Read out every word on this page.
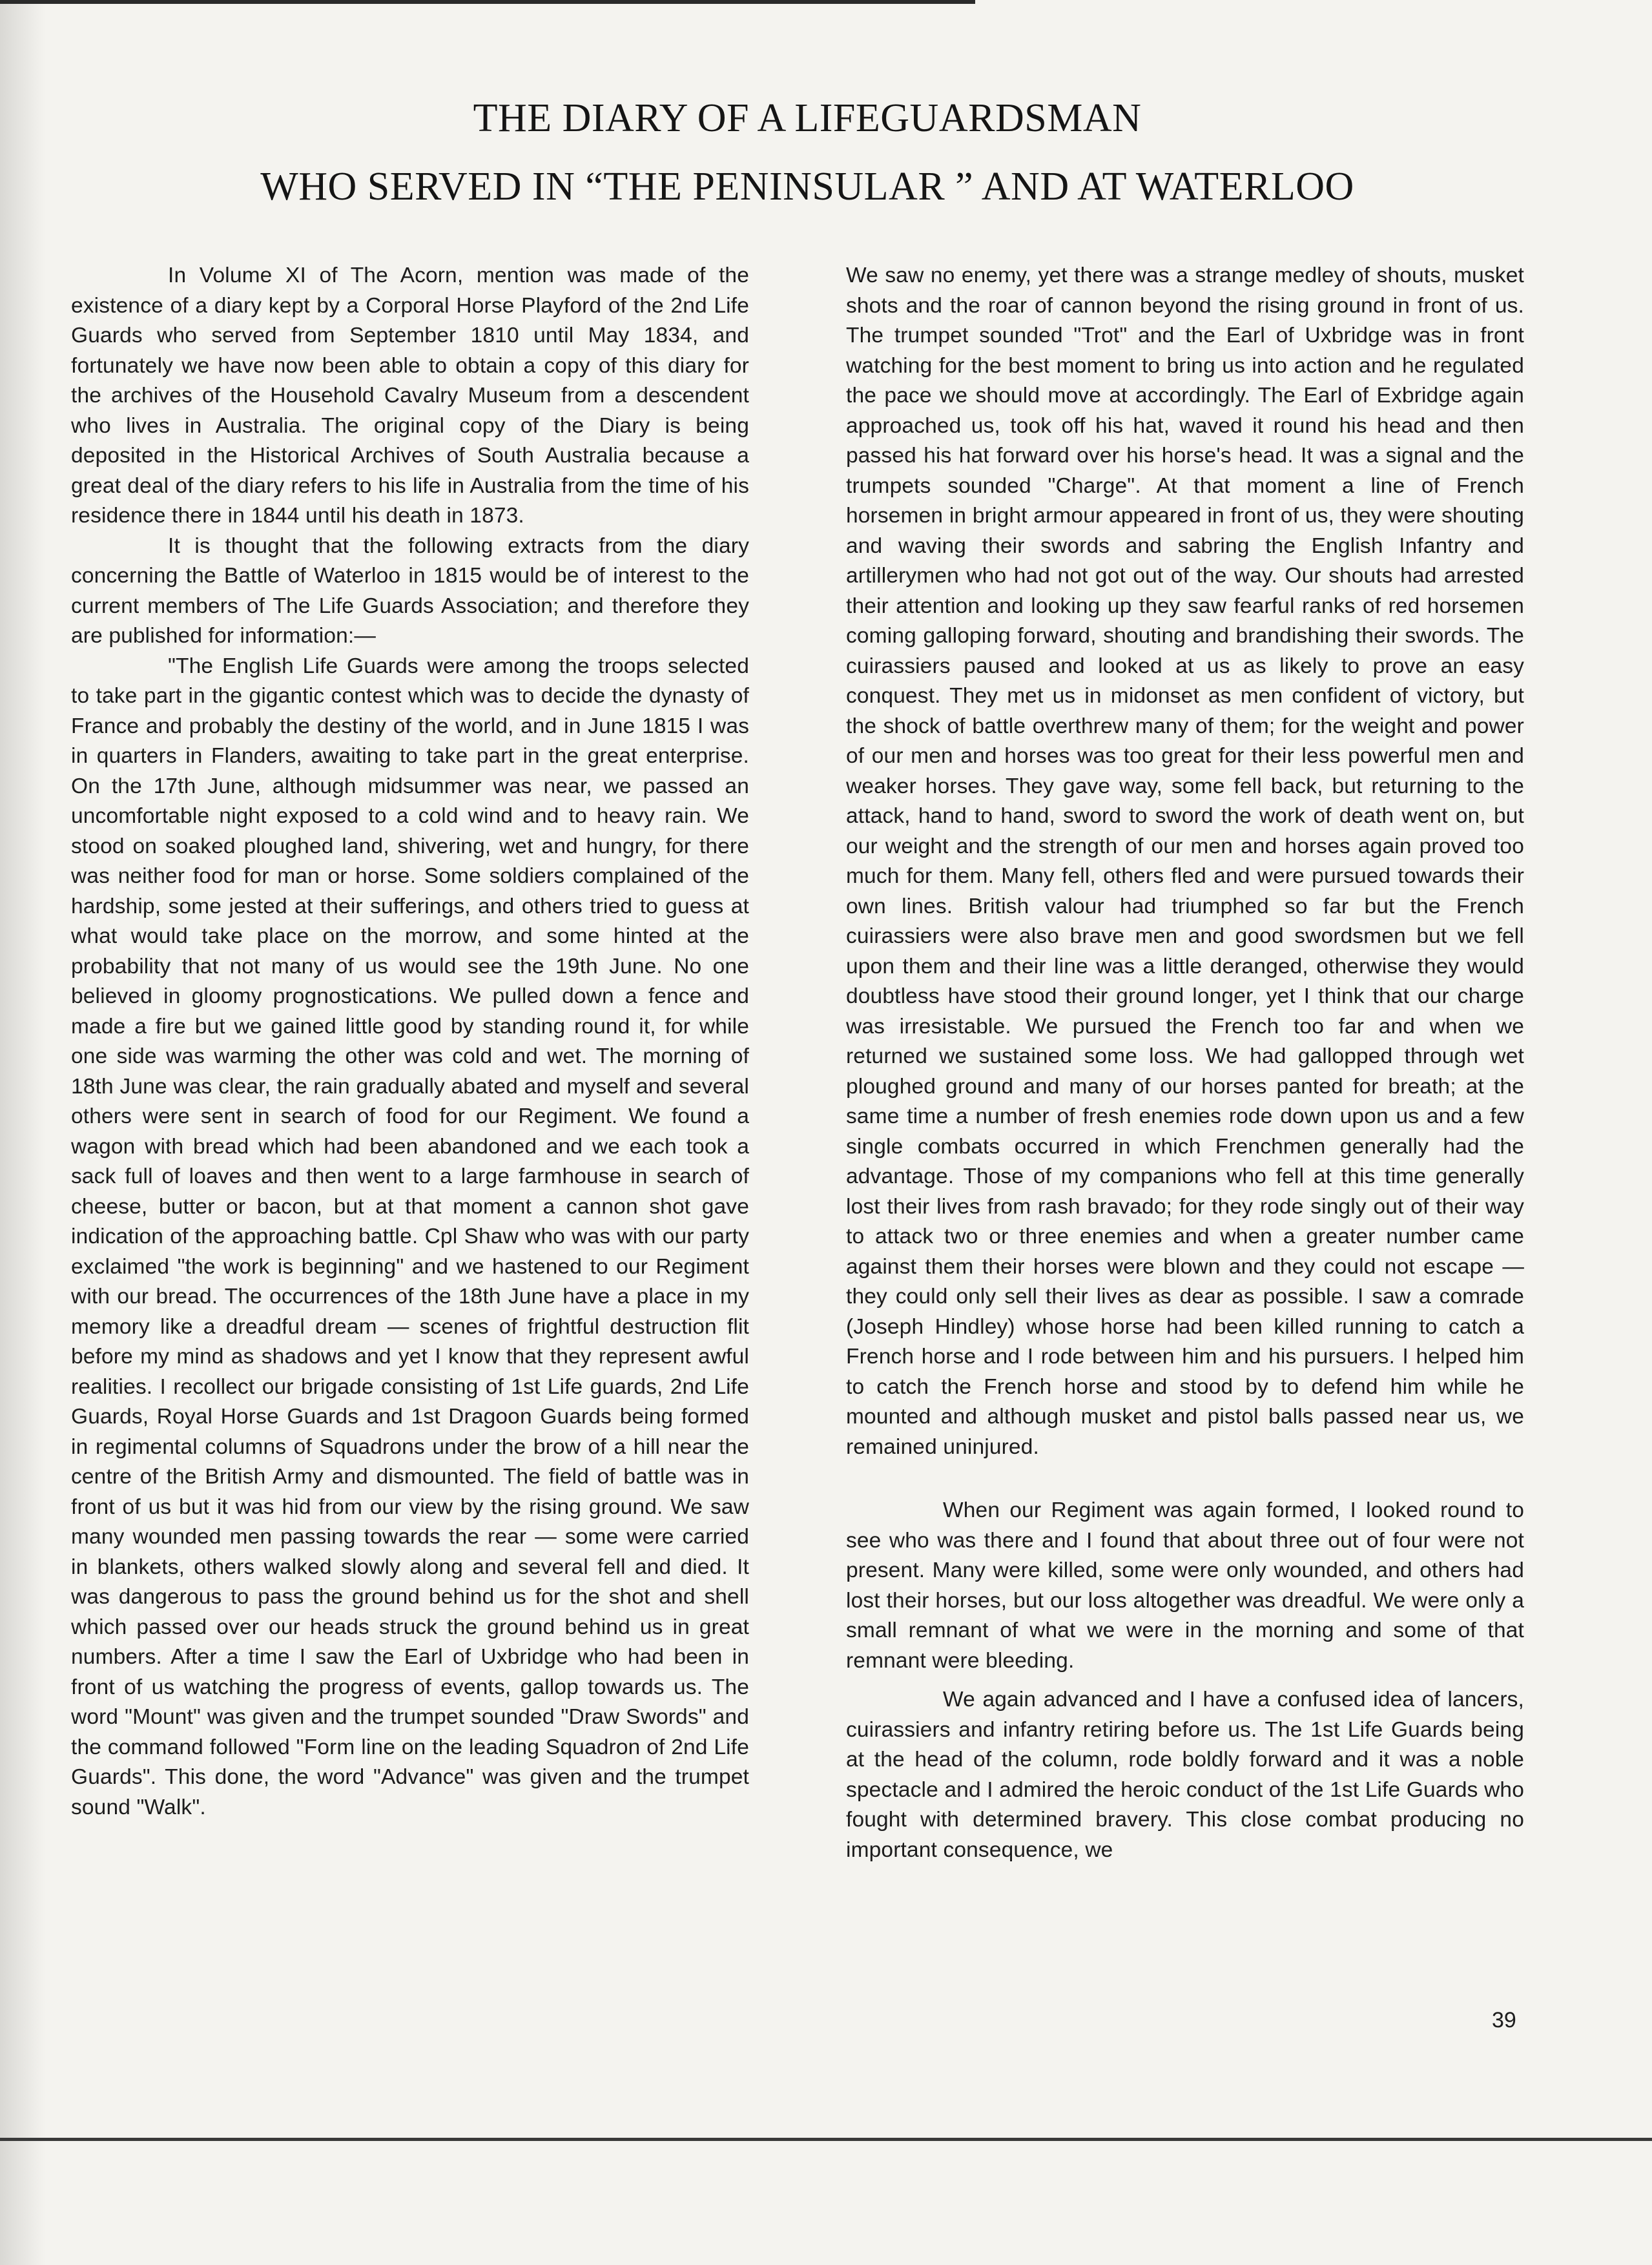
THE DIARY OF A LIFEGUARDSMAN
WHO SERVED IN “THE PENINSULAR ” AND AT WATERLOO

In Volume XI of The Acorn, mention was made of the existence of a diary kept by a Corporal Horse Playford of the 2nd Life Guards who served from September 1810 until May 1834, and fortunately we have now been able to obtain a copy of this diary for the archives of the Household Cavalry Museum from a descendent who lives in Australia. The original copy of the Diary is being deposited in the Historical Archives of South Australia because a great deal of the diary refers to his life in Australia from the time of his residence there in 1844 until his death in 1873.

It is thought that the following extracts from the diary concerning the Battle of Waterloo in 1815 would be of interest to the current members of The Life Guards Association; and therefore they are published for information:—

"The English Life Guards were among the troops selected to take part in the gigantic contest which was to decide the dynasty of France and probably the destiny of the world, and in June 1815 I was in quarters in Flanders, awaiting to take part in the great enterprise. On the 17th June, although midsummer was near, we passed an uncomfortable night exposed to a cold wind and to heavy rain. We stood on soaked ploughed land, shivering, wet and hungry, for there was neither food for man or horse. Some soldiers complained of the hardship, some jested at their sufferings, and others tried to guess at what would take place on the morrow, and some hinted at the probability that not many of us would see the 19th June. No one believed in gloomy prognostications. We pulled down a fence and made a fire but we gained little good by standing round it, for while one side was warming the other was cold and wet. The morning of 18th June was clear, the rain gradually abated and myself and several others were sent in search of food for our Regiment. We found a wagon with bread which had been abandoned and we each took a sack full of loaves and then went to a large farmhouse in search of cheese, butter or bacon, but at that moment a cannon shot gave indication of the approaching battle. Cpl Shaw who was with our party exclaimed "the work is beginning" and we hastened to our Regiment with our bread. The occurrences of the 18th June have a place in my memory like a dreadful dream — scenes of frightful destruction flit before my mind as shadows and yet I know that they represent awful realities. I recollect our brigade consisting of 1st Life guards, 2nd Life Guards, Royal Horse Guards and 1st Dragoon Guards being formed in regimental columns of Squadrons under the brow of a hill near the centre of the British Army and dismounted. The field of battle was in front of us but it was hid from our view by the rising ground. We saw many wounded men passing towards the rear — some were carried in blankets, others walked slowly along and several fell and died. It was dangerous to pass the ground behind us for the shot and shell which passed over our heads struck the ground behind us in great numbers. After a time I saw the Earl of Uxbridge who had been in front of us watching the progress of events, gallop towards us. The word "Mount" was given and the trumpet sounded "Draw Swords" and the command followed "Form line on the leading Squadron of 2nd Life Guards". This done, the word "Advance" was given and the trumpet sound "Walk".

We saw no enemy, yet there was a strange medley of shouts, musket shots and the roar of cannon beyond the rising ground in front of us. The trumpet sounded "Trot" and the Earl of Uxbridge was in front watching for the best moment to bring us into action and he regulated the pace we should move at accordingly. The Earl of Exbridge again approached us, took off his hat, waved it round his head and then passed his hat forward over his horse's head. It was a signal and the trumpets sounded "Charge". At that moment a line of French horsemen in bright armour appeared in front of us, they were shouting and waving their swords and sabring the English Infantry and artillerymen who had not got out of the way. Our shouts had arrested their attention and looking up they saw fearful ranks of red horsemen coming galloping forward, shouting and brandishing their swords. The cuirassiers paused and looked at us as likely to prove an easy conquest. They met us in midonset as men confident of victory, but the shock of battle overthrew many of them; for the weight and power of our men and horses was too great for their less powerful men and weaker horses. They gave way, some fell back, but returning to the attack, hand to hand, sword to sword the work of death went on, but our weight and the strength of our men and horses again proved too much for them. Many fell, others fled and were pursued towards their own lines. British valour had triumphed so far but the French cuirassiers were also brave men and good swordsmen but we fell upon them and their line was a little deranged, otherwise they would doubtless have stood their ground longer, yet I think that our charge was irresistable. We pursued the French too far and when we returned we sustained some loss. We had gallopped through wet ploughed ground and many of our horses panted for breath; at the same time a number of fresh enemies rode down upon us and a few single combats occurred in which Frenchmen generally had the advantage. Those of my companions who fell at this time generally lost their lives from rash bravado; for they rode singly out of their way to attack two or three enemies and when a greater number came against them their horses were blown and they could not escape — they could only sell their lives as dear as possible. I saw a comrade (Joseph Hindley) whose horse had been killed running to catch a French horse and I rode between him and his pursuers. I helped him to catch the French horse and stood by to defend him while he mounted and although musket and pistol balls passed near us, we remained uninjured.

When our Regiment was again formed, I looked round to see who was there and I found that about three out of four were not present. Many were killed, some were only wounded, and others had lost their horses, but our loss altogether was dreadful. We were only a small remnant of what we were in the morning and some of that remnant were bleeding.

We again advanced and I have a confused idea of lancers, cuirassiers and infantry retiring before us. The 1st Life Guards being at the head of the column, rode boldly forward and it was a noble spectacle and I admired the heroic conduct of the 1st Life Guards who fought with determined bravery. This close combat producing no important consequence, we

39
